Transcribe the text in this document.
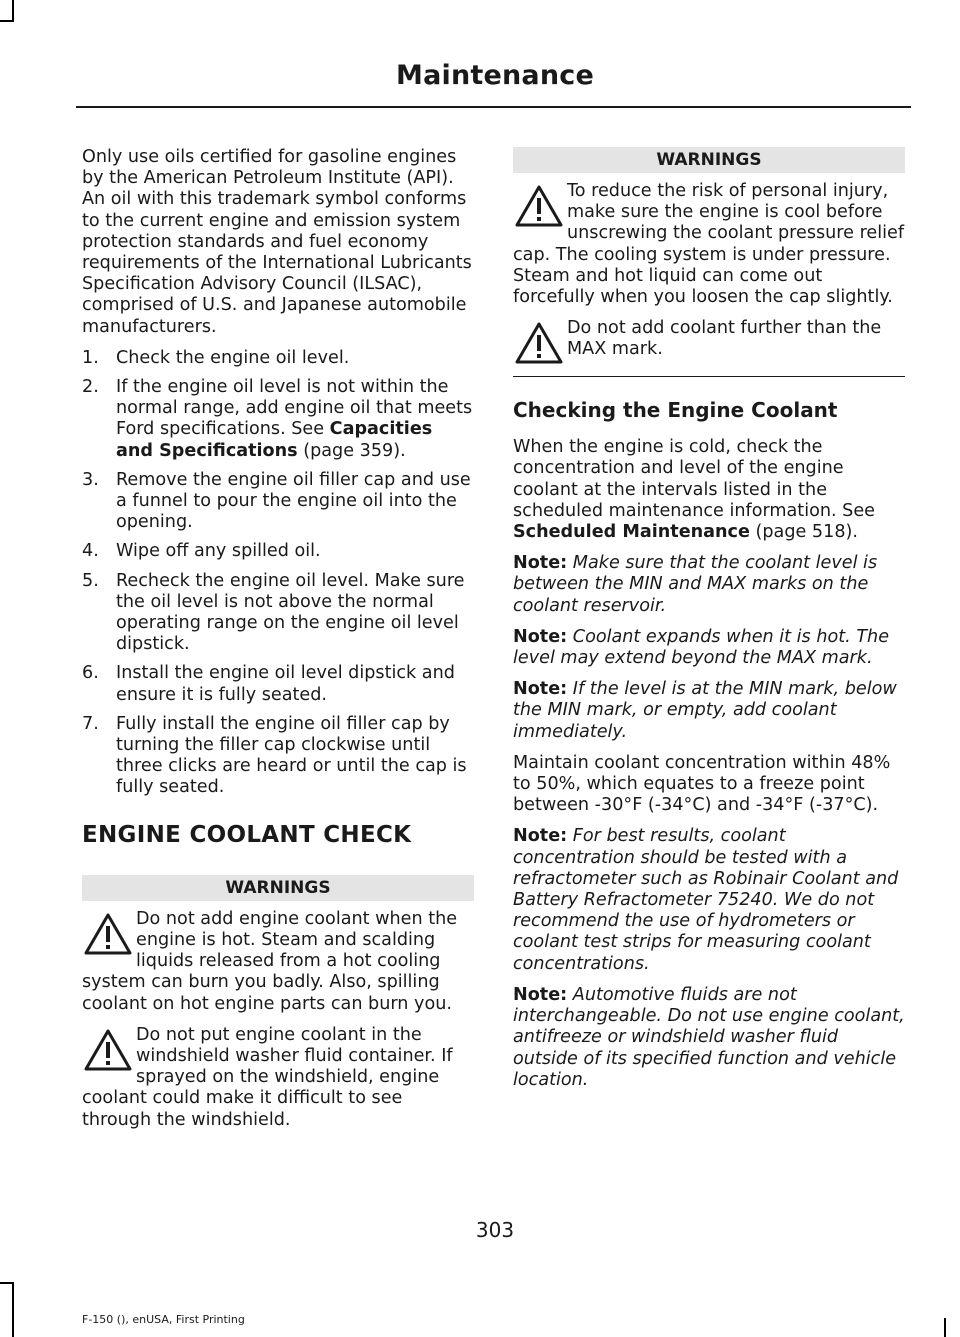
Maintenance

Only use oils certified for gasoline engines by the American Petroleum Institute (API). An oil with this trademark symbol conforms to the current engine and emission system protection standards and fuel economy requirements of the International Lubricants Specification Advisory Council (ILSAC), comprised of U.S. and Japanese automobile manufacturers.

1. Check the engine oil level.
2. If the engine oil level is not within the normal range, add engine oil that meets Ford specifications. See Capacities and Specifications (page 359).
3. Remove the engine oil filler cap and use a funnel to pour the engine oil into the opening.
4. Wipe off any spilled oil.
5. Recheck the engine oil level. Make sure the oil level is not above the normal operating range on the engine oil level dipstick.
6. Install the engine oil level dipstick and ensure it is fully seated.
7. Fully install the engine oil filler cap by turning the filler cap clockwise until three clicks are heard or until the cap is fully seated.
ENGINE COOLANT CHECK
WARNINGS
Do not add engine coolant when the engine is hot. Steam and scalding liquids released from a hot cooling system can burn you badly. Also, spilling coolant on hot engine parts can burn you.
Do not put engine coolant in the windshield washer fluid container. If sprayed on the windshield, engine coolant could make it difficult to see through the windshield.
WARNINGS
To reduce the risk of personal injury, make sure the engine is cool before unscrewing the coolant pressure relief cap. The cooling system is under pressure. Steam and hot liquid can come out forcefully when you loosen the cap slightly.
Do not add coolant further than the MAX mark.
Checking the Engine Coolant

When the engine is cold, check the concentration and level of the engine coolant at the intervals listed in the scheduled maintenance information. See Scheduled Maintenance (page 518).

Note: Make sure that the coolant level is between the MIN and MAX marks on the coolant reservoir.

Note: Coolant expands when it is hot. The level may extend beyond the MAX mark.

Note: If the level is at the MIN mark, below the MIN mark, or empty, add coolant immediately.

Maintain coolant concentration within 48% to 50%, which equates to a freeze point between -30°F (-34°C) and -34°F (-37°C).

Note: For best results, coolant concentration should be tested with a refractometer such as Robinair Coolant and Battery Refractometer 75240. We do not recommend the use of hydrometers or coolant test strips for measuring coolant concentrations.

Note: Automotive fluids are not interchangeable. Do not use engine coolant, antifreeze or windshield washer fluid outside of its specified function and vehicle location.

303
F-150 (), enUSA, First Printing
